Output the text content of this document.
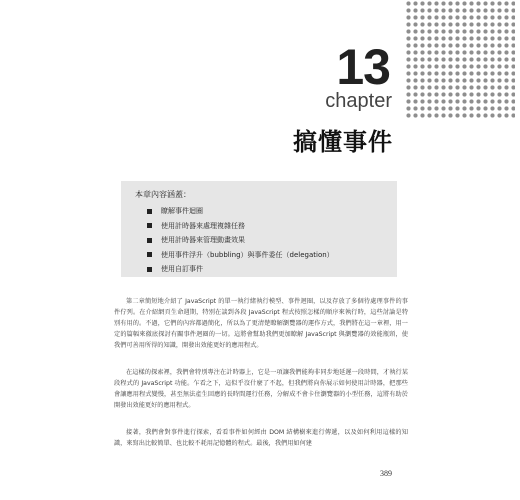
13
chapter
搞懂事件

本章內容涵蓋：

瞭解事件迴圈
使用計時器來處理複雜任務
使用計時器來管理動畫效果
使用事件浮升（bubbling）與事件委任（delegation）
使用自訂事件

第二章簡短地介紹了 JavaScript 的單一執行緒執行模型、事件迴圈，以及存放了多個待處理事件的事件佇列。在介紹網頁生命週期，特別在談到各段 JavaScript 程式按照怎樣的順序來執行時，這些討論是特別有用的。不過，它們的內容都過簡化，所以為了更清楚瞭解瀏覽器的運作方式，我們將在這一章裡，用一定的篇幅來徹底探討有關事件迴圈的一切。這將會幫助我們更加瞭解 JavaScript 與瀏覽器的效能瓶頸，使我們可善用所得的知識，開發出效能更好的應用程式。

在這樣的探索裡，我們會特別專注在計時器上，它是一項讓我們能夠非同步地延遲一段時間，才執行某段程式的 JavaScript 功能。乍看之下，這似乎沒什麼了不起，但我們將向你展示如何使用計時器，把那些會讓應用程式變慢，甚至無法產生回應的長時間運行任務，分解成不會卡住瀏覽器的小型任務，這將有助於開發出效能更好的應用程式。

接著，我們會對事件進行探索，看看事件如何經由 DOM 結構樹來進行傳遞，以及如何利用這樣的知識，來寫出比較簡單、也比較不耗用記憶體的程式。最後，我們用如何建

389
